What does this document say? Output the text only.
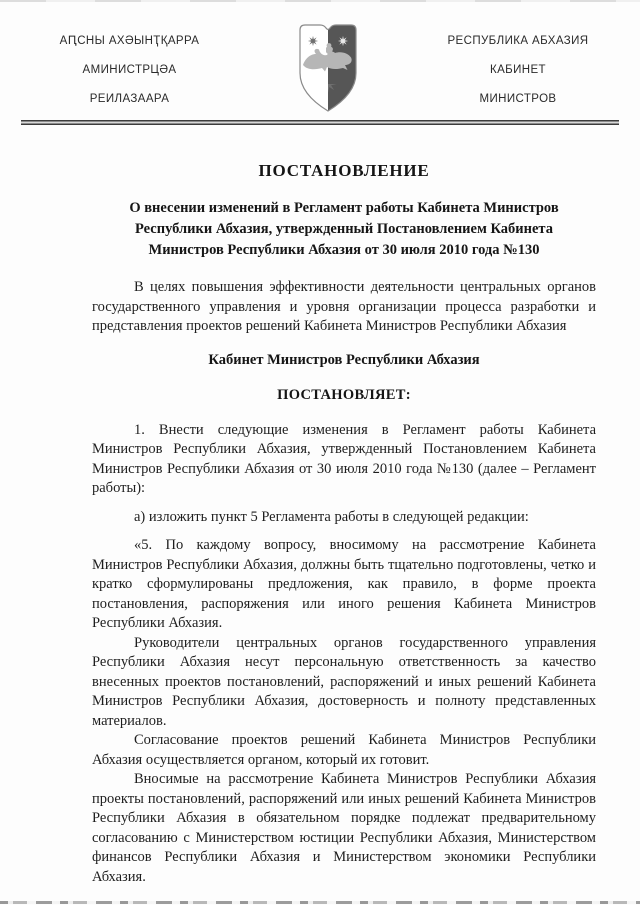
АԤСНЫ АХӘЫНҬҚАРРА
АМИНИСТРЦӘА
РЕИЛАЗААРА
РЕСПУБЛИКА АБХАЗИЯ
КАБИНЕТ
МИНИСТРОВ
ПОСТАНОВЛЕНИЕ
О внесении изменений в Регламент работы Кабинета Министров Республики Абхазия, утвержденный Постановлением Кабинета Министров Республики Абхазия от 30 июля 2010 года №130

В целях повышения эффективности деятельности центральных органов государственного управления и уровня организации процесса разработки и представления проектов решений Кабинета Министров Республики Абхазия

Кабинет Министров Республики Абхазия

ПОСТАНОВЛЯЕТ:

1. Внести следующие изменения в Регламент работы Кабинета Министров Республики Абхазия, утвержденный Постановлением Кабинета Министров Республики Абхазия от 30 июля 2010 года №130 (далее – Регламент работы):

а) изложить пункт 5 Регламента работы в следующей редакции:

«5. По каждому вопросу, вносимому на рассмотрение Кабинета Министров Республики Абхазия, должны быть тщательно подготовлены, четко и кратко сформулированы предложения, как правило, в форме проекта постановления, распоряжения или иного решения Кабинета Министров Республики Абхазия.

Руководители центральных органов государственного управления Республики Абхазия несут персональную ответственность за качество внесенных проектов постановлений, распоряжений и иных решений Кабинета Министров Республики Абхазия, достоверность и полноту представленных материалов.

Согласование проектов решений Кабинета Министров Республики Абхазия осуществляется органом, который их готовит.

Вносимые на рассмотрение Кабинета Министров Республики Абхазия проекты постановлений, распоряжений или иных решений Кабинета Министров Республики Абхазия в обязательном порядке подлежат предварительному согласованию с Министерством юстиции Республики Абхазия, Министерством финансов Республики Абхазия и Министерством экономики Республики Абхазия.
